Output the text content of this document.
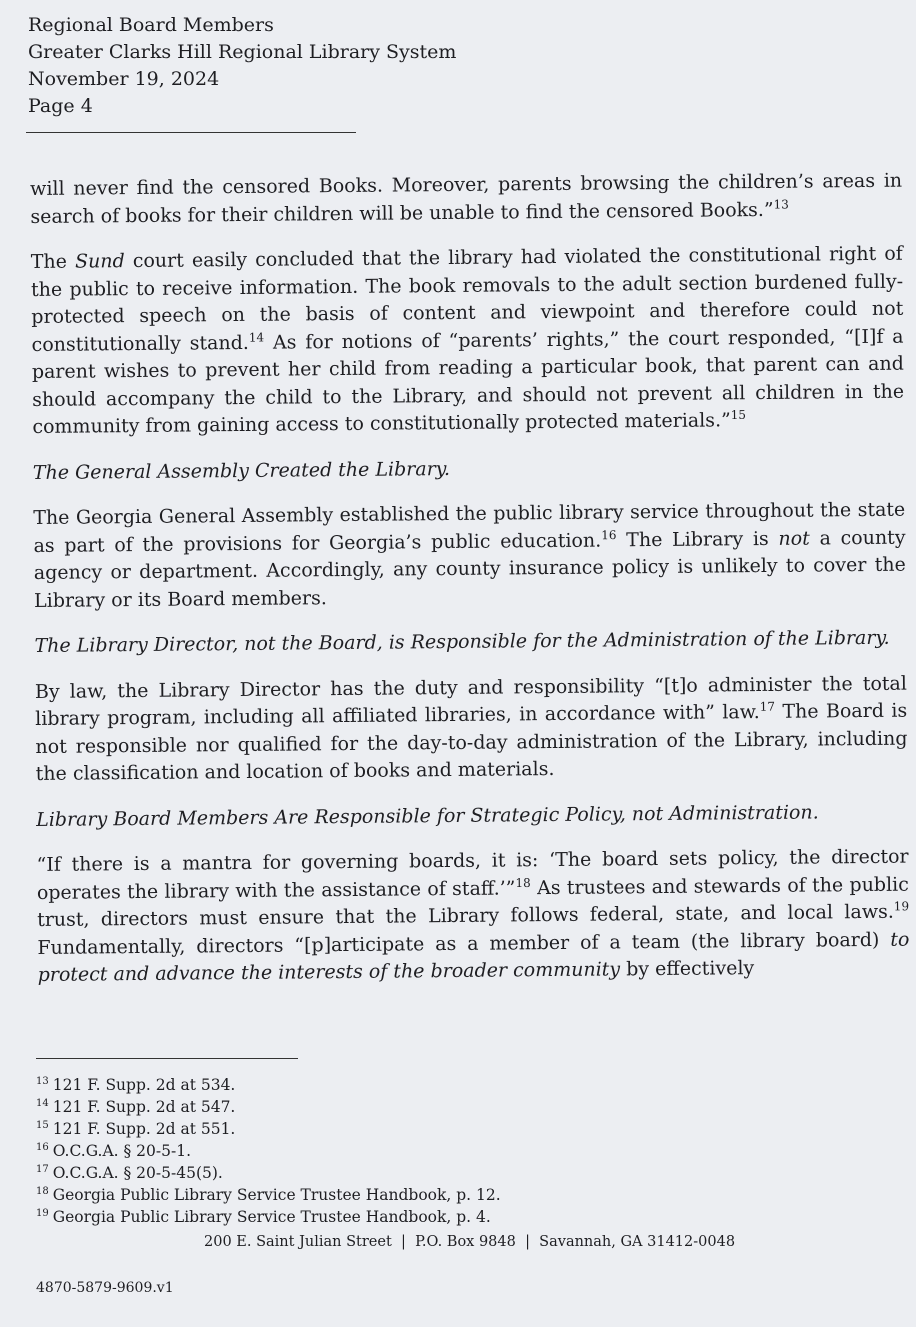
Regional Board Members
Greater Clarks Hill Regional Library System
November 19, 2024
Page 4

will never find the censored Books. Moreover, parents browsing the children’s areas in search of books for their children will be unable to find the censored Books.”$^{13}$

The Sund court easily concluded that the library had violated the constitutional right of the public to receive information. The book removals to the adult section burdened fully-protected speech on the basis of content and viewpoint and therefore could not constitutionally stand.$^{14}$ As for notions of “parents’ rights,” the court responded, “[I]f a parent wishes to prevent her child from reading a particular book, that parent can and should accompany the child to the Library, and should not prevent all children in the community from gaining access to constitutionally protected materials.”$^{15}$

The General Assembly Created the Library.

The Georgia General Assembly established the public library service throughout the state as part of the provisions for Georgia’s public education.$^{16}$ The Library is not a county agency or department. Accordingly, any county insurance policy is unlikely to cover the Library or its Board members.

The Library Director, not the Board, is Responsible for the Administration of the Library.

By law, the Library Director has the duty and responsibility “[t]o administer the total library program, including all affiliated libraries, in accordance with” law.$^{17}$ The Board is not responsible nor qualified for the day-to-day administration of the Library, including the classification and location of books and materials.

Library Board Members Are Responsible for Strategic Policy, not Administration.

“If there is a mantra for governing boards, it is: ‘The board sets policy, the director operates the library with the assistance of staff.’”$^{18}$ As trustees and stewards of the public trust, directors must ensure that the Library follows federal, state, and local laws.$^{19}$ Fundamentally, directors “[p]articipate as a member of a team (the library board) to protect and advance the interests of the broader community by effectively

$^{13}$ 121 F. Supp. 2d at 534.
$^{14}$ 121 F. Supp. 2d at 547.
$^{15}$ 121 F. Supp. 2d at 551.
$^{16}$ O.C.G.A. § 20-5-1.
$^{17}$ O.C.G.A. § 20-5-45(5).
$^{18}$ Georgia Public Library Service Trustee Handbook, p. 12.
$^{19}$ Georgia Public Library Service Trustee Handbook, p. 4.
200 E. Saint Julian Street  |  P.O. Box 9848  |  Savannah, GA 31412-0048
4870-5879-9609.v1
